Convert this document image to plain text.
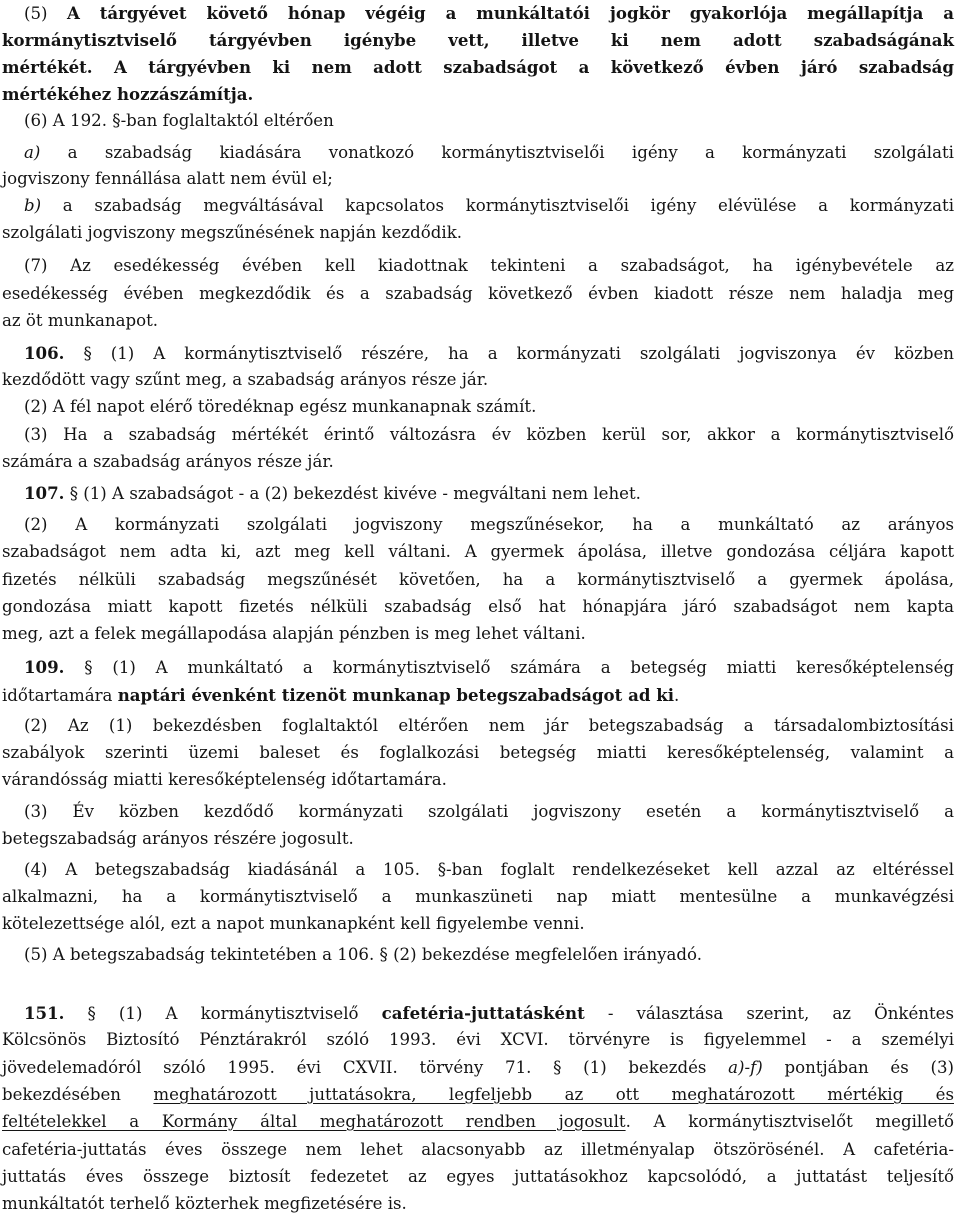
(5) A tárgyévet követő hónap végéig a munkáltatói jogkör gyakorlója megállapítja a
kormánytisztviselő tárgyévben igénybe vett, illetve ki nem adott szabadságának
mértékét. A tárgyévben ki nem adott szabadságot a következő évben járó szabadság
mértékéhez hozzászámítja.
(6) A 192. §-ban foglaltaktól eltérően
a) a szabadság kiadására vonatkozó kormánytisztviselői igény a kormányzati szolgálati
jogviszony fennállása alatt nem évül el;
b) a szabadság megváltásával kapcsolatos kormánytisztviselői igény elévülése a kormányzati
szolgálati jogviszony megszűnésének napján kezdődik.
(7) Az esedékesség évében kell kiadottnak tekinteni a szabadságot, ha igénybevétele az
esedékesség évében megkezdődik és a szabadság következő évben kiadott része nem haladja meg
az öt munkanapot.
106. § (1) A kormánytisztviselő részére, ha a kormányzati szolgálati jogviszonya év közben
kezdődött vagy szűnt meg, a szabadság arányos része jár.
(2) A fél napot elérő töredéknap egész munkanapnak számít.
(3) Ha a szabadság mértékét érintő változásra év közben kerül sor, akkor a kormánytisztviselő
számára a szabadság arányos része jár.
107. § (1) A szabadságot - a (2) bekezdést kivéve - megváltani nem lehet.
(2) A kormányzati szolgálati jogviszony megszűnésekor, ha a munkáltató az arányos
szabadságot nem adta ki, azt meg kell váltani. A gyermek ápolása, illetve gondozása céljára kapott
fizetés nélküli szabadság megszűnését követően, ha a kormánytisztviselő a gyermek ápolása,
gondozása miatt kapott fizetés nélküli szabadság első hat hónapjára járó szabadságot nem kapta
meg, azt a felek megállapodása alapján pénzben is meg lehet váltani.
109. § (1) A munkáltató a kormánytisztviselő számára a betegség miatti keresőképtelenség
időtartamára naptári évenként tizenöt munkanap betegszabadságot ad ki.
(2) Az (1) bekezdésben foglaltaktól eltérően nem jár betegszabadság a társadalombiztosítási
szabályok szerinti üzemi baleset és foglalkozási betegség miatti keresőképtelenség, valamint a
várandósság miatti keresőképtelenség időtartamára.
(3) Év közben kezdődő kormányzati szolgálati jogviszony esetén a kormánytisztviselő a
betegszabadság arányos részére jogosult.
(4) A betegszabadság kiadásánál a 105. §-ban foglalt rendelkezéseket kell azzal az eltéréssel
alkalmazni, ha a kormánytisztviselő a munkaszüneti nap miatt mentesülne a munkavégzési
kötelezettsége alól, ezt a napot munkanapként kell figyelembe venni.
(5) A betegszabadság tekintetében a 106. § (2) bekezdése megfelelően irányadó.
151. § (1) A kormánytisztviselő cafetéria-juttatásként - választása szerint, az Önkéntes
Kölcsönös Biztosító Pénztárakról szóló 1993. évi XCVI. törvényre is figyelemmel - a személyi
jövedelemadóról szóló 1995. évi CXVII. törvény 71. § (1) bekezdés a)-f) pontjában és (3)
bekezdésében meghatározott juttatásokra, legfeljebb az ott meghatározott mértékig és
feltételekkel a Kormány által meghatározott rendben jogosult. A kormánytisztviselőt megillető
cafetéria-juttatás éves összege nem lehet alacsonyabb az illetményalap ötszörösénél. A cafetéria-
juttatás éves összege biztosít fedezetet az egyes juttatásokhoz kapcsolódó, a juttatást teljesítő
munkáltatót terhelő közterhek megfizetésére is.
